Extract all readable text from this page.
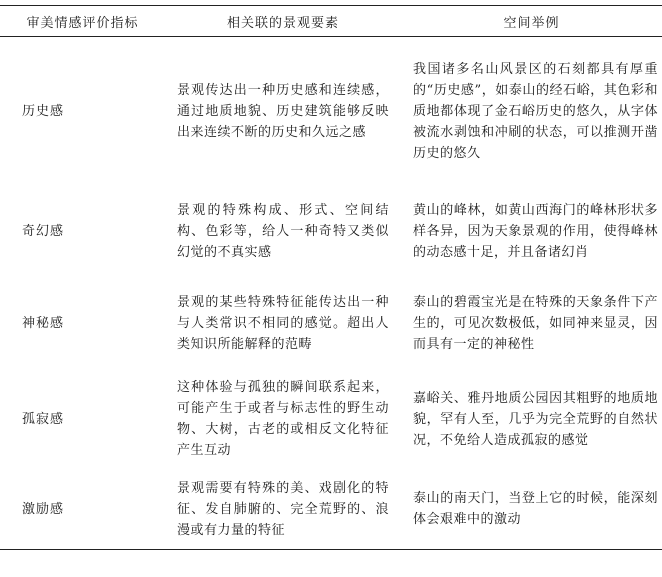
审美情感评价指标	相关联的景观要素	空间举例
历史感	景观传达出一种历史感和连续感，通过地质地貌、历史建筑能够反映出来连续不断的历史和久远之感	我国诸多名山风景区的石刻都具有厚重的“历史感”，如泰山的经石峪，其色彩和质地都体现了金石峪历史的悠久，从字体被流水剥蚀和冲刷的状态，可以推测开凿历史的悠久
奇幻感	景观的特殊构成、形式、空间结构、色彩等，给人一种奇特又类似幻觉的不真实感	黄山的峰林，如黄山西海门的峰林形状多样各异，因为天象景观的作用，使得峰林的动态感十足，并且备诸幻肖
神秘感	景观的某些特殊特征能传达出一种与人类常识不相同的感觉。超出人类知识所能解释的范畴	泰山的碧霞宝光是在特殊的天象条件下产生的，可见次数极低，如同神来显灵，因而具有一定的神秘性
孤寂感	这种体验与孤独的瞬间联系起来，可能产生于或者与标志性的野生动物、大树，古老的或相反文化特征产生互动	嘉峪关、雅丹地质公园因其粗野的地质地貌，罕有人至，几乎为完全荒野的自然状况，不免给人造成孤寂的感觉
激励感	景观需要有特殊的美、戏剧化的特征、发自肺腑的、完全荒野的、浪漫或有力量的特征	泰山的南天门，当登上它的时候，能深刻体会艰难中的激动
